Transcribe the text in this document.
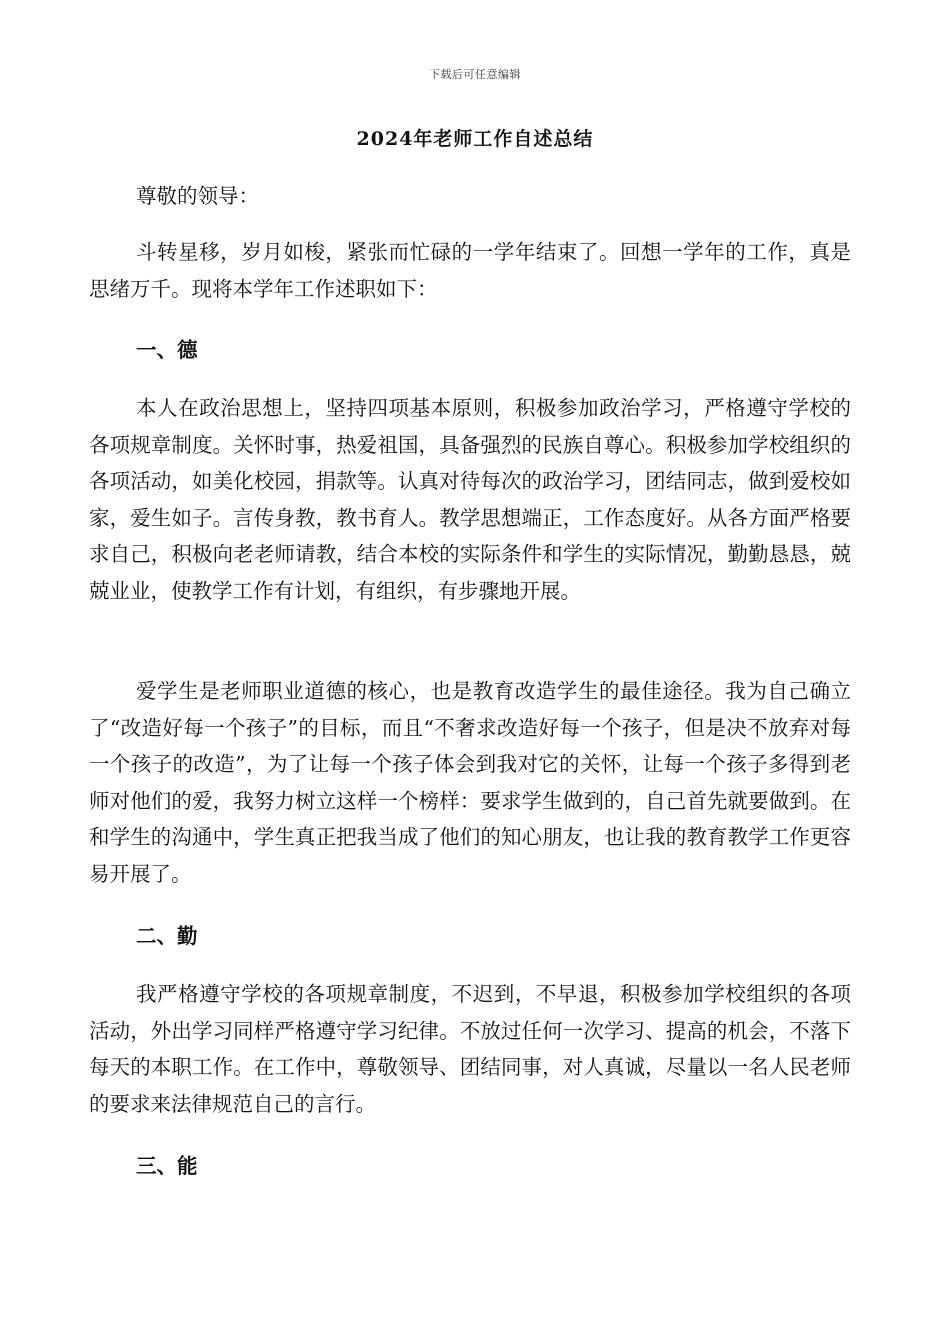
下载后可任意编辑
2024年老师工作自述总结
尊敬的领导：

斗转星移，岁月如梭，紧张而忙碌的一学年结束了。回想一学年的工作，真是思绪万千。现将本学年工作述职如下：

一、德

本人在政治思想上，坚持四项基本原则，积极参加政治学习，严格遵守学校的各项规章制度。关怀时事，热爱祖国，具备强烈的民族自尊心。积极参加学校组织的各项活动，如美化校园，捐款等。认真对待每次的政治学习，团结同志，做到爱校如家，爱生如子。言传身教，教书育人。教学思想端正，工作态度好。从各方面严格要求自己，积极向老老师请教，结合本校的实际条件和学生的实际情况，勤勤恳恳，兢兢业业，使教学工作有计划，有组织，有步骤地开展。

爱学生是老师职业道德的核心，也是教育改造学生的最佳途径。我为自己确立了“改造好每一个孩子”的目标，而且“不奢求改造好每一个孩子，但是决不放弃对每一个孩子的改造”，为了让每一个孩子体会到我对它的关怀，让每一个孩子多得到老师对他们的爱，我努力树立这样一个榜样：要求学生做到的，自己首先就要做到。在和学生的沟通中，学生真正把我当成了他们的知心朋友，也让我的教育教学工作更容易开展了。

二、勤

我严格遵守学校的各项规章制度，不迟到，不早退，积极参加学校组织的各项活动，外出学习同样严格遵守学习纪律。不放过任何一次学习、提高的机会，不落下每天的本职工作。在工作中，尊敬领导、团结同事，对人真诚，尽量以一名人民老师的要求来法律规范自己的言行。

三、能
